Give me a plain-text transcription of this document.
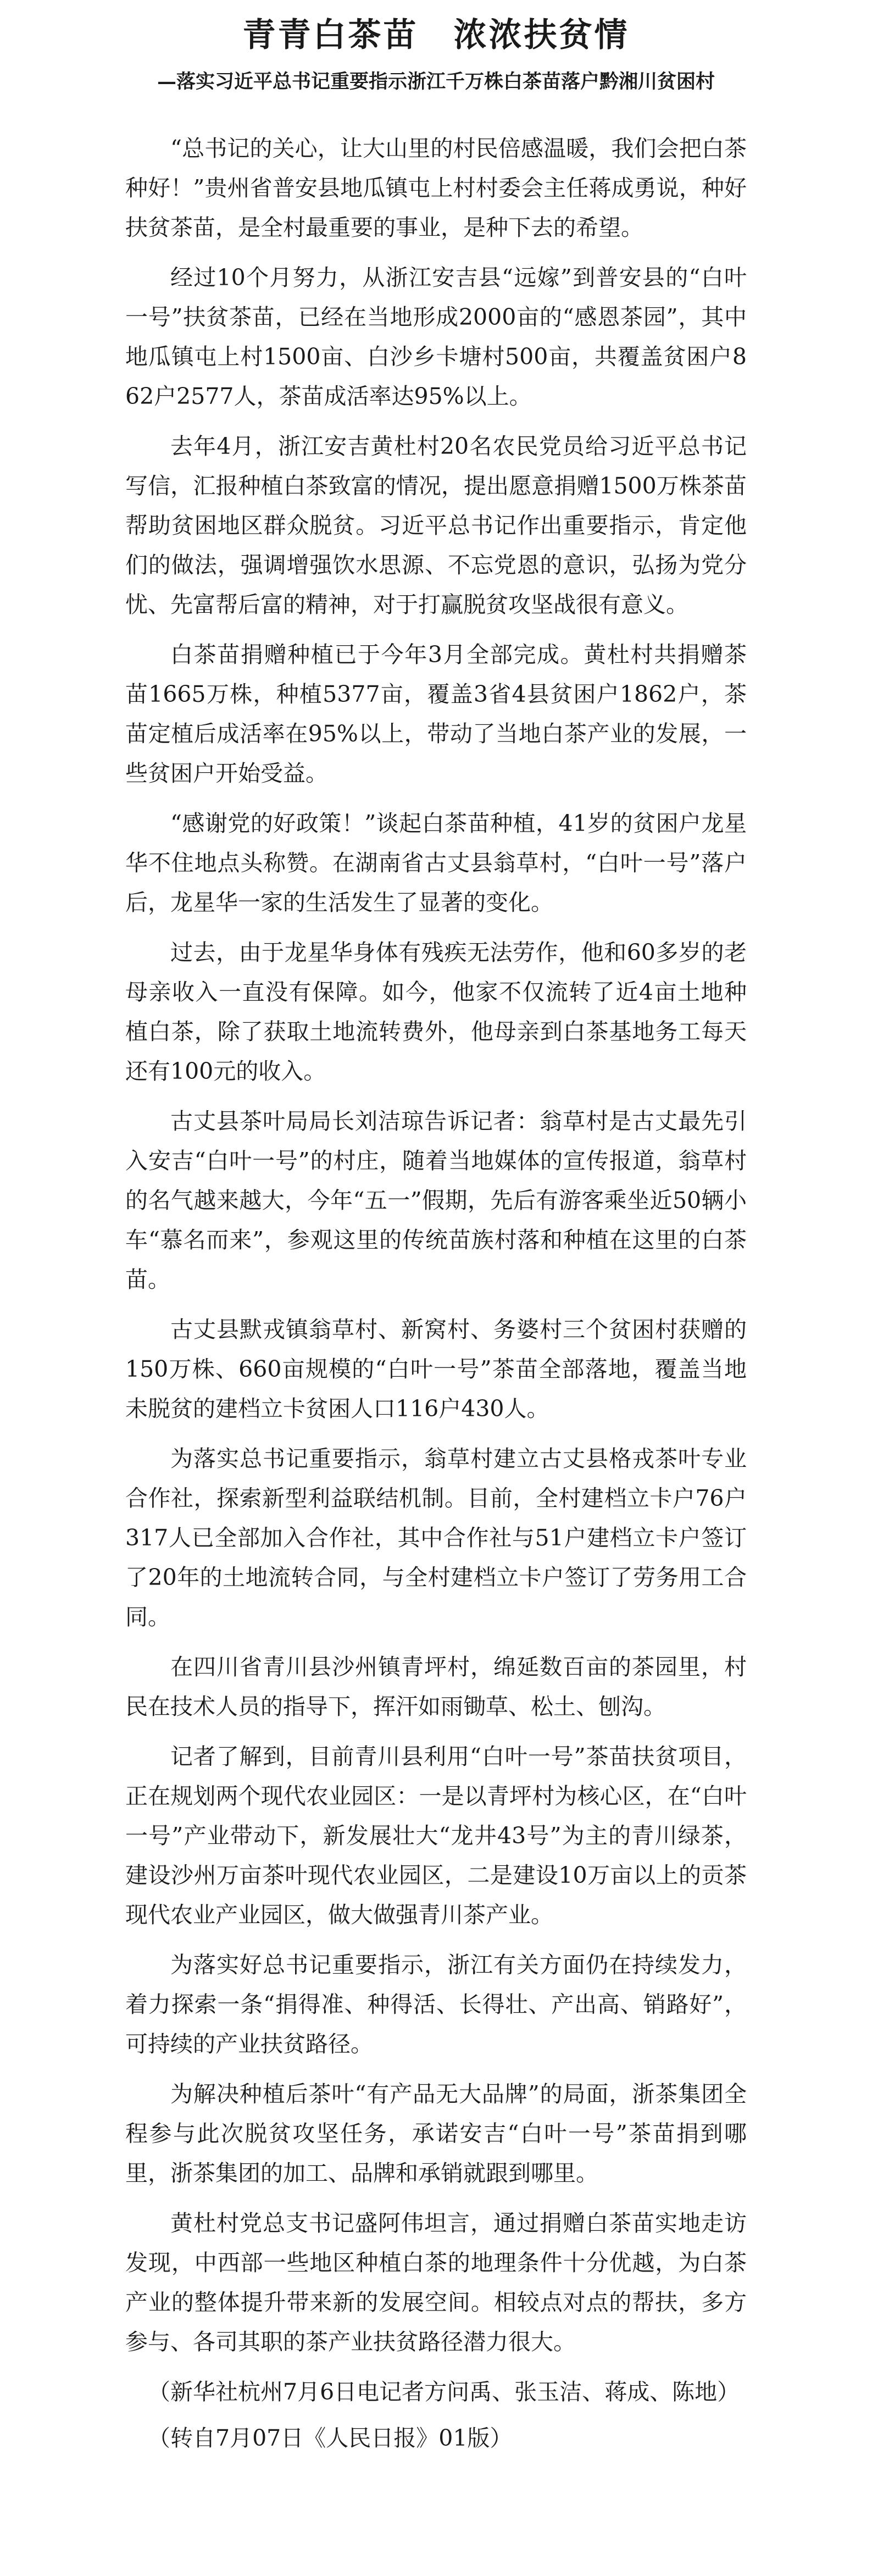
青青白茶苗　浓浓扶贫情
—落实习近平总书记重要指示浙江千万株白茶苗落户黔湘川贫困村

“总书记的关心，让大山里的村民倍感温暖，我们会把白茶种好！”贵州省普安县地瓜镇屯上村村委会主任蒋成勇说，种好扶贫茶苗，是全村最重要的事业，是种下去的希望。

经过10个月努力，从浙江安吉县“远嫁”到普安县的“白叶一号”扶贫茶苗，已经在当地形成2000亩的“感恩茶园”，其中地瓜镇屯上村1500亩、白沙乡卡塘村500亩，共覆盖贫困户862户2577人，茶苗成活率达95%以上。

去年4月，浙江安吉黄杜村20名农民党员给习近平总书记写信，汇报种植白茶致富的情况，提出愿意捐赠1500万株茶苗帮助贫困地区群众脱贫。习近平总书记作出重要指示，肯定他们的做法，强调增强饮水思源、不忘党恩的意识，弘扬为党分忧、先富帮后富的精神，对于打赢脱贫攻坚战很有意义。

白茶苗捐赠种植已于今年3月全部完成。黄杜村共捐赠茶苗1665万株，种植5377亩，覆盖3省4县贫困户1862户，茶苗定植后成活率在95%以上，带动了当地白茶产业的发展，一些贫困户开始受益。

“感谢党的好政策！”谈起白茶苗种植，41岁的贫困户龙星华不住地点头称赞。在湖南省古丈县翁草村，“白叶一号”落户后，龙星华一家的生活发生了显著的变化。

过去，由于龙星华身体有残疾无法劳作，他和60多岁的老母亲收入一直没有保障。如今，他家不仅流转了近4亩土地种植白茶，除了获取土地流转费外，他母亲到白茶基地务工每天还有100元的收入。

古丈县茶叶局局长刘洁琼告诉记者：翁草村是古丈最先引入安吉“白叶一号”的村庄，随着当地媒体的宣传报道，翁草村的名气越来越大，今年“五一”假期，先后有游客乘坐近50辆小车“慕名而来”，参观这里的传统苗族村落和种植在这里的白茶苗。

古丈县默戎镇翁草村、新窝村、务婆村三个贫困村获赠的150万株、660亩规模的“白叶一号”茶苗全部落地，覆盖当地未脱贫的建档立卡贫困人口116户430人。

为落实总书记重要指示，翁草村建立古丈县格戎茶叶专业合作社，探索新型利益联结机制。目前，全村建档立卡户76户317人已全部加入合作社，其中合作社与51户建档立卡户签订了20年的土地流转合同，与全村建档立卡户签订了劳务用工合同。

在四川省青川县沙州镇青坪村，绵延数百亩的茶园里，村民在技术人员的指导下，挥汗如雨锄草、松土、刨沟。

记者了解到，目前青川县利用“白叶一号”茶苗扶贫项目，正在规划两个现代农业园区：一是以青坪村为核心区，在“白叶一号”产业带动下，新发展壮大“龙井43号”为主的青川绿茶，建设沙州万亩茶叶现代农业园区，二是建设10万亩以上的贡茶现代农业产业园区，做大做强青川茶产业。

为落实好总书记重要指示，浙江有关方面仍在持续发力，着力探索一条“捐得准、种得活、长得壮、产出高、销路好”，可持续的产业扶贫路径。

为解决种植后茶叶“有产品无大品牌”的局面，浙茶集团全程参与此次脱贫攻坚任务，承诺安吉“白叶一号”茶苗捐到哪里，浙茶集团的加工、品牌和承销就跟到哪里。

黄杜村党总支书记盛阿伟坦言，通过捐赠白茶苗实地走访发现，中西部一些地区种植白茶的地理条件十分优越，为白茶产业的整体提升带来新的发展空间。相较点对点的帮扶，多方参与、各司其职的茶产业扶贫路径潜力很大。

（新华社杭州7月6日电记者方问禹、张玉洁、蒋成、陈地）

（转自7月07日《人民日报》01版）
